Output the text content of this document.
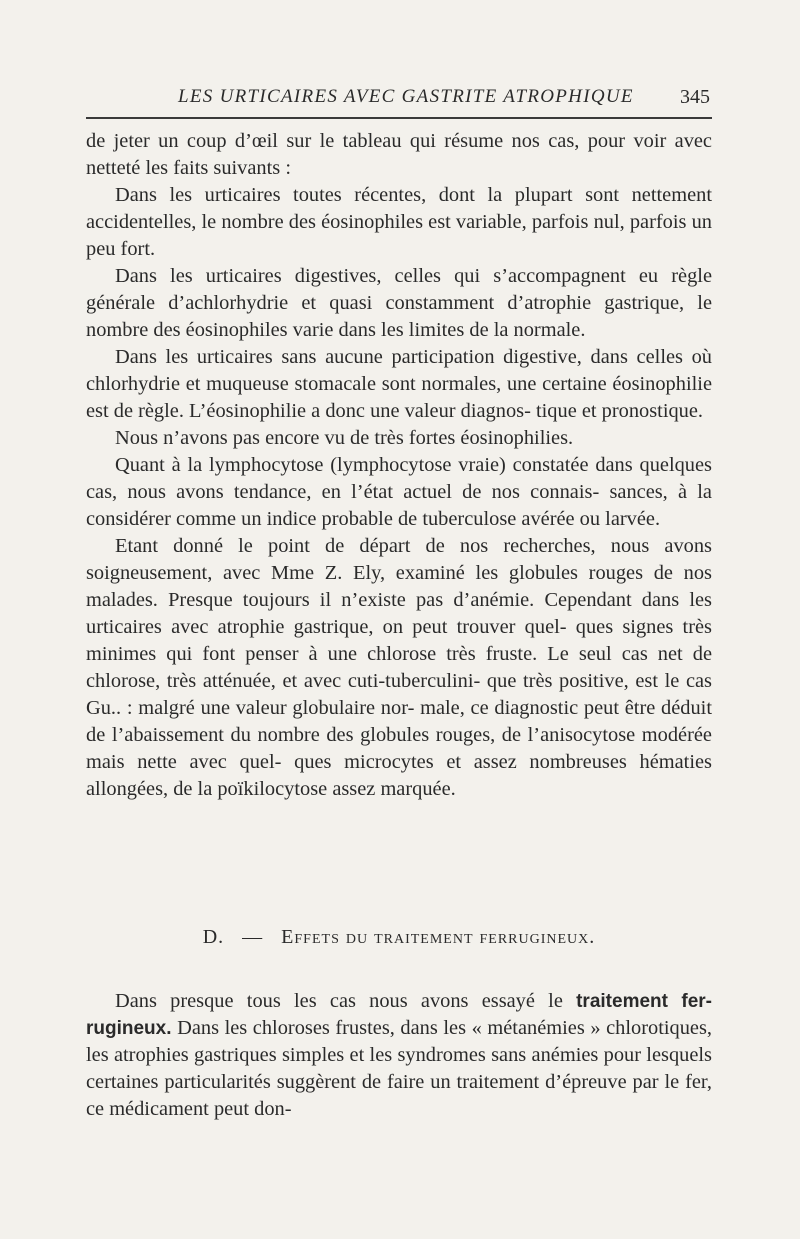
LES URTICAIRES AVEC GASTRITE ATROPHIQUE 345

de jeter un coup d’œil sur le tableau qui résume nos cas, pour voir avec netteté les faits suivants :

Dans les urticaires toutes récentes, dont la plupart sont nettement accidentelles, le nombre des éosinophiles est variable, parfois nul, parfois un peu fort.

Dans les urticaires digestives, celles qui s’accompagnent eu règle générale d’achlorhydrie et quasi constamment d’atrophie gastrique, le nombre des éosinophiles varie dans les limites de la normale.

Dans les urticaires sans aucune participation digestive, dans celles où chlorhydrie et muqueuse stomacale sont normales, une certaine éosinophilie est de règle. L’éosinophilie a donc une valeur diagnos- tique et pronostique.

Nous n’avons pas encore vu de très fortes éosinophilies.

Quant à la lymphocytose (lymphocytose vraie) constatée dans quelques cas, nous avons tendance, en l’état actuel de nos connais- sances, à la considérer comme un indice probable de tuberculose avérée ou larvée.

Etant donné le point de départ de nos recherches, nous avons soigneusement, avec Mme Z. Ely, examiné les globules rouges de nos malades. Presque toujours il n’existe pas d’anémie. Cependant dans les urticaires avec atrophie gastrique, on peut trouver quel- ques signes très minimes qui font penser à une chlorose très fruste. Le seul cas net de chlorose, très atténuée, et avec cuti-tuberculini- que très positive, est le cas Gu.. : malgré une valeur globulaire nor- male, ce diagnostic peut être déduit de l’abaissement du nombre des globules rouges, de l’anisocytose modérée mais nette avec quel- ques microcytes et assez nombreuses hématies allongées, de la poïkilocytose assez marquée.

D. — Effets du traitement ferrugineux.

Dans presque tous les cas nous avons essayé le traitement fer- rugineux. Dans les chloroses frustes, dans les « métanémies » chlorotiques, les atrophies gastriques simples et les syndromes sans anémies pour lesquels certaines particularités suggèrent de faire un traitement d’épreuve par le fer, ce médicament peut don-
